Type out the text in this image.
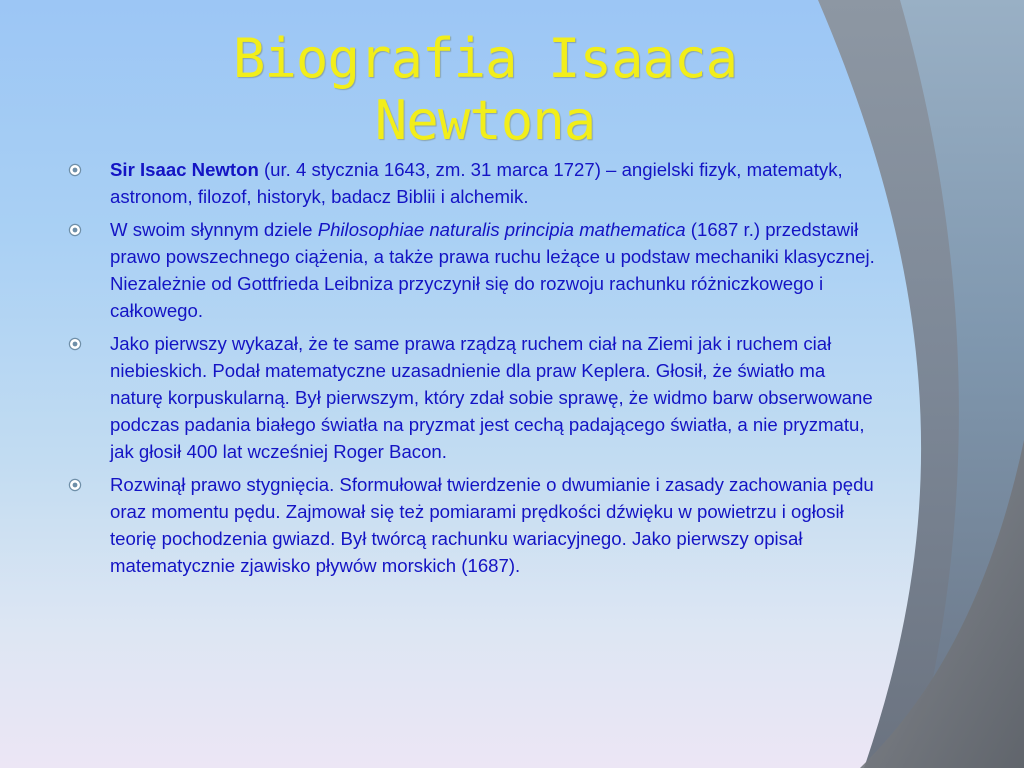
Biografia Isaaca
Newtona
Sir Isaac Newton (ur. 4 stycznia 1643, zm. 31 marca 1727) – angielski fizyk, matematyk, astronom, filozof, historyk, badacz Biblii i alchemik.
W swoim słynnym dziele Philosophiae naturalis principia mathematica (1687 r.) przedstawił prawo powszechnego ciążenia, a także prawa ruchu leżące u podstaw mechaniki klasycznej. Niezależnie od Gottfrieda Leibniza przyczynił się do rozwoju rachunku różniczkowego i całkowego.
Jako pierwszy wykazał, że te same prawa rządzą ruchem ciał na Ziemi jak i ruchem ciał niebieskich. Podał matematyczne uzasadnienie dla praw Keplera. Głosił, że światło ma naturę korpuskularną. Był pierwszym, który zdał sobie sprawę, że widmo barw obserwowane podczas padania białego światła na pryzmat jest cechą padającego światła, a nie pryzmatu, jak głosił 400 lat wcześniej Roger Bacon.
Rozwinął prawo stygnięcia. Sformułował twierdzenie o dwumianie i zasady zachowania pędu oraz momentu pędu. Zajmował się też pomiarami prędkości dźwięku w powietrzu i ogłosił teorię pochodzenia gwiazd. Był twórcą rachunku wariacyjnego. Jako pierwszy opisał matematycznie zjawisko pływów morskich (1687).
